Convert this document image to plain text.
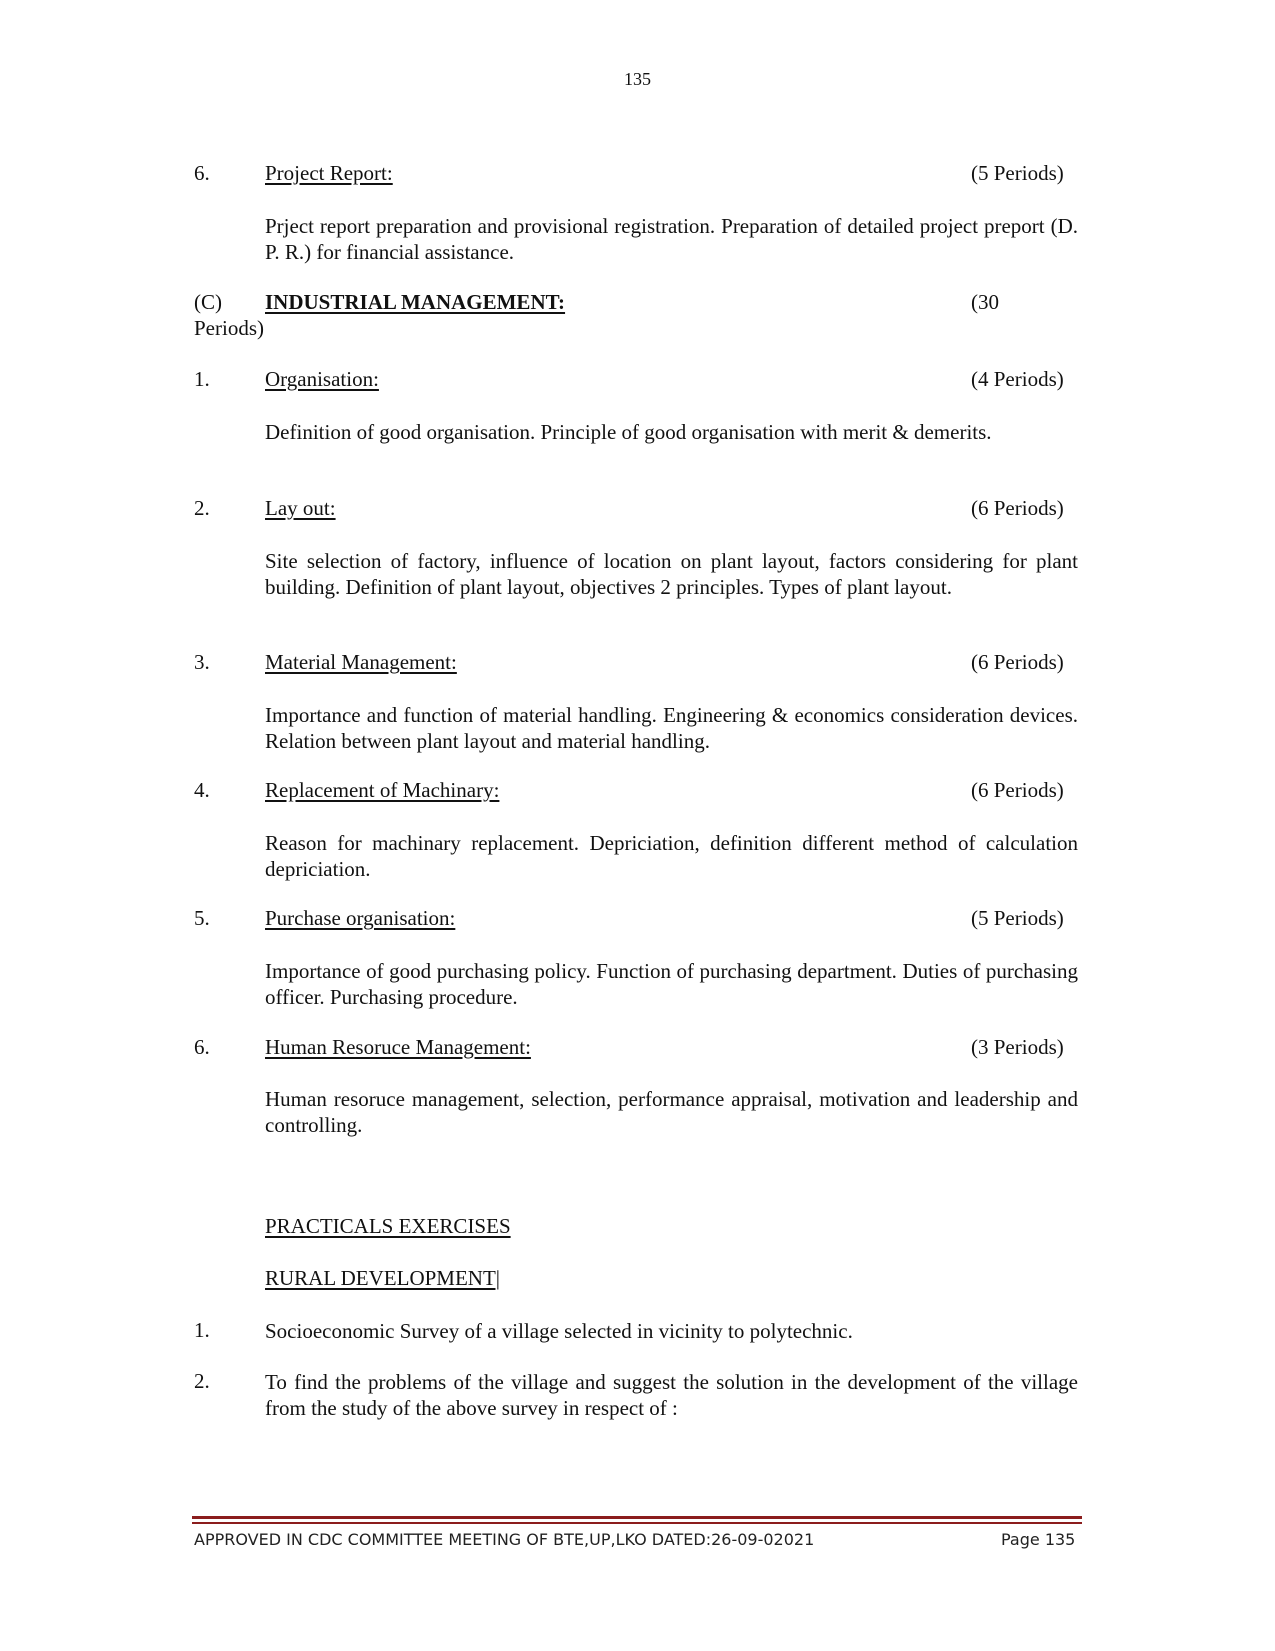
135
6.	Project Report:	(5 Periods)
Prject report preparation and provisional registration. Preparation of detailed project preport (D. P. R.) for financial assistance.
(C) INDUSTRIAL MANAGEMENT:	(30
Periods)
1.	Organisation:	(4 Periods)
Definition of good organisation. Principle of good organisation with merit & demerits.
2.	Lay out:	(6 Periods)
Site selection of factory, influence of location on plant layout, factors considering for plant building. Definition of plant layout, objectives 2 principles. Types of plant layout.
3.	Material Management:	(6 Periods)
Importance and function of material handling. Engineering & economics consideration devices. Relation between plant layout and material handling.
4.	Replacement of Machinary:	(6 Periods)
Reason for machinary replacement. Depriciation, definition different method of calculation depriciation.
5.	Purchase organisation:	(5 Periods)
Importance of good purchasing policy. Function of purchasing department. Duties of purchasing officer. Purchasing procedure.
6.	Human Resoruce Management:	(3 Periods)
Human resoruce management, selection, performance appraisal, motivation and leadership and controlling.
PRACTICALS EXERCISES
RURAL DEVELOPMENT|
1.	Socioeconomic Survey of a village selected in vicinity to polytechnic.
2.	To find the problems of the village and suggest the solution in the development of the village from the study of the above survey in respect of :
APPROVED IN CDC COMMITTEE MEETING OF BTE,UP,LKO DATED:26-09-02021	Page 135
